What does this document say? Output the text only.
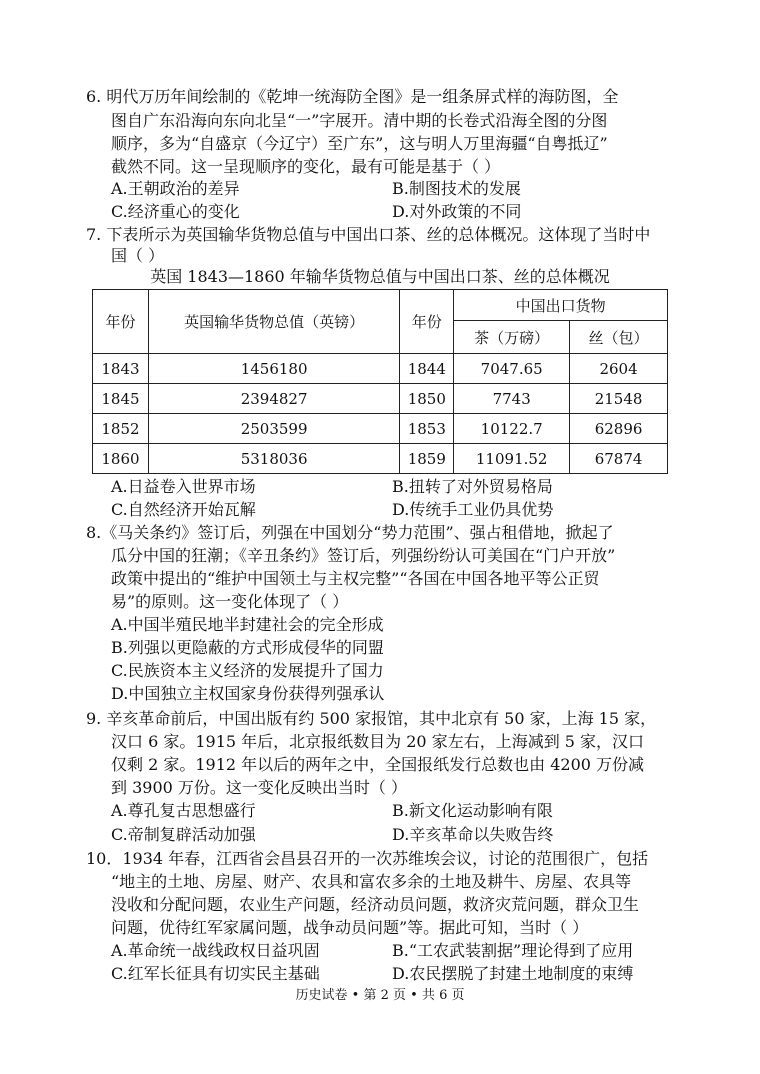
6. 明代万历年间绘制的《乾坤一统海防全图》是一组条屏式样的海防图，全
图自广东沿海向东向北呈“一”字展开。清中期的长卷式沿海全图的分图
顺序，多为“自盛京（今辽宁）至广东”，这与明人万里海疆“自粤抵辽”
截然不同。这一呈现顺序的变化，最有可能是基于（ ）
A.王朝政治的差异	B.制图技术的发展
C.经济重心的变化	D.对外政策的不同
7. 下表所示为英国输华货物总值与中国出口茶、丝的总体概况。这体现了当时中
国（ ）
英国 1843—1860 年输华货物总值与中国出口茶、丝的总体概况
年份	英国输华货物总值（英镑）	年份	中国出口货物	
			茶（万磅）	丝（包）
1843	1456180	1844	7047.65	2604
1845	2394827	1850	7743	21548
1852	2503599	1853	10122.7	62896
1860	5318036	1859	11091.52	67874
A.日益卷入世界市场	B.扭转了对外贸易格局
C.自然经济开始瓦解	D.传统手工业仍具优势
8.《马关条约》签订后，列强在中国划分“势力范围”、强占租借地，掀起了
瓜分中国的狂潮；《辛丑条约》签订后，列强纷纷认可美国在“门户开放”
政策中提出的“维护中国领土与主权完整”“各国在中国各地平等公正贸
易”的原则。这一变化体现了（ ）
A.中国半殖民地半封建社会的完全形成
B.列强以更隐蔽的方式形成侵华的同盟
C.民族资本主义经济的发展提升了国力
D.中国独立主权国家身份获得列强承认
9. 辛亥革命前后，中国出版有约 500 家报馆，其中北京有 50 家，上海 15 家，
汉口 6 家。1915 年后，北京报纸数目为 20 家左右，上海减到 5 家，汉口
仅剩 2 家。1912 年以后的两年之中，全国报纸发行总数也由 4200 万份减
到 3900 万份。这一变化反映出当时（ ）
A.尊孔复古思想盛行	B.新文化运动影响有限
C.帝制复辟活动加强	D.辛亥革命以失败告终
10．1934 年春，江西省会昌县召开的一次苏维埃会议，讨论的范围很广，包括
“地主的土地、房屋、财产、农具和富农多余的土地及耕牛、房屋、农具等
没收和分配问题，农业生产问题，经济动员问题，救济灾荒问题，群众卫生
问题，优待红军家属问题，战争动员问题”等。据此可知，当时（ ）
A.革命统一战线政权日益巩固	B.“工农武装割据”理论得到了应用
C.红军长征具有切实民主基础	D.农民摆脱了封建土地制度的束缚
历史试卷 • 第 2 页 • 共 6 页
